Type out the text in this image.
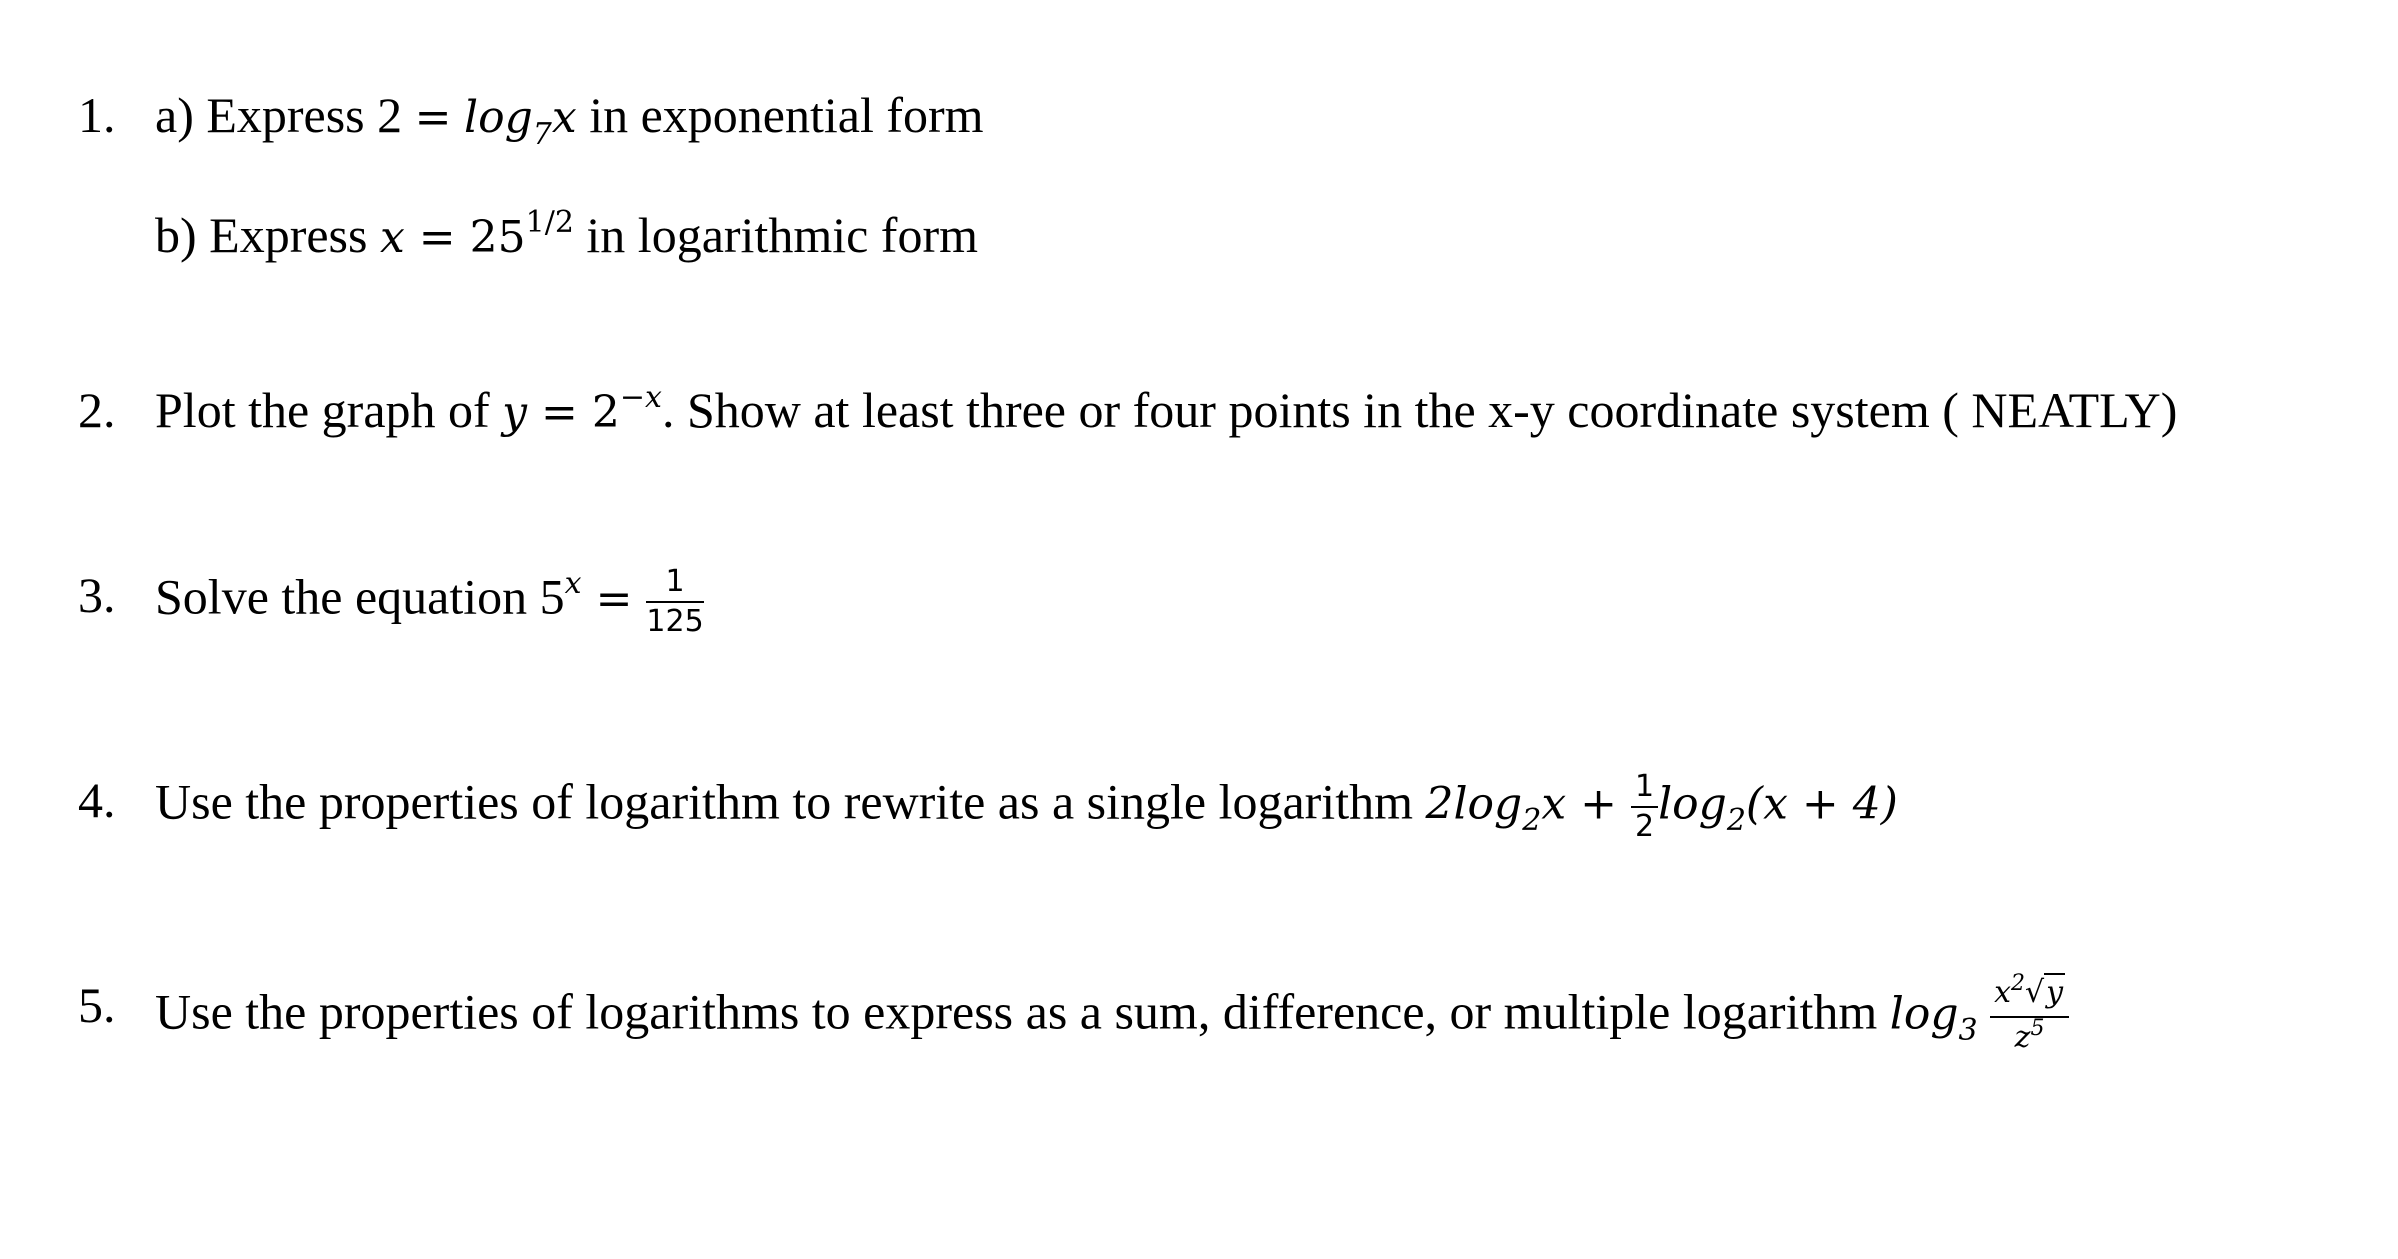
1. a) Express $2 = \log_7x$ in exponential form
b) Express $x = 25^{1/2}$ in logarithmic form
2. Plot the graph of $y = 2^{-x}$. Show at least three or four points in the x-y coordinate system ( NEATLY)
3. Solve the equation $5^x = \frac{1}{125}$
4. Use the properties of logarithm to rewrite as a single logarithm $2\log_2x + \frac{1}{2} \log_2(x + 4)$
5. Use the properties of logarithms to express as a sum, difference, or multiple logarithm $\log_3 \frac{x^2√y}{z^5}$
